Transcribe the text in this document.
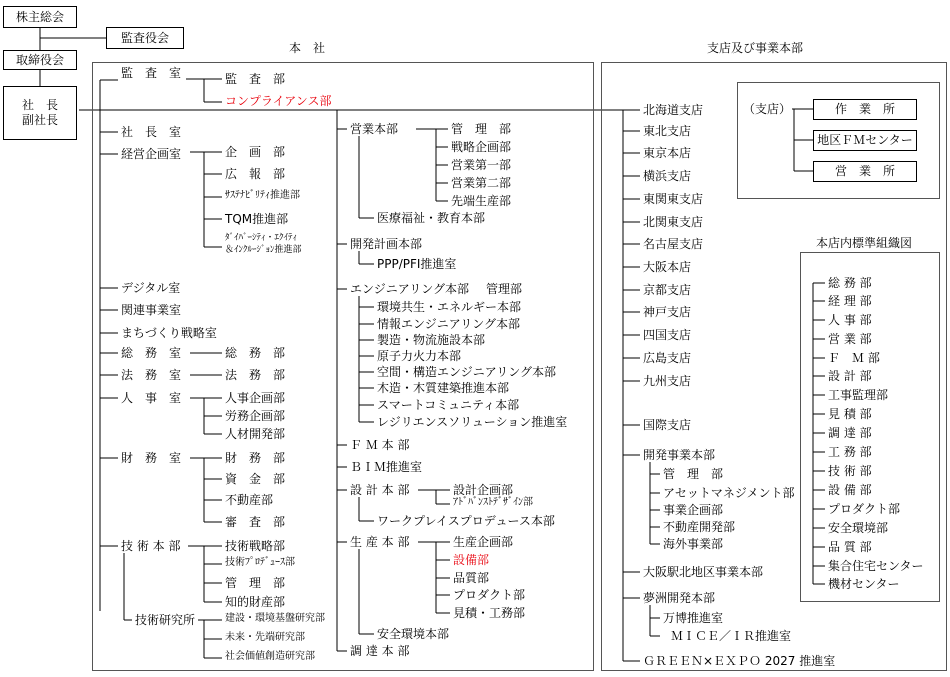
株主総会
監査役会
取締役会
社　長
副社長
本　社	支店及び事業本部
監　査　室	監　査　部
コンプライアンス部
社　長　室
経営企画室
デジタル室
関連事業室
まちづくり戦略室
総　務　室
法　務　室
人　事　室
財　務　室
技 術 本 部
企　画　部
広　報　部
ｻｽﾃﾅﾋﾞﾘﾃｨ推進部
TQM推進部
ﾀﾞｲﾊﾞｰｼﾃｨ・ｴｸｲﾃｨ
＆ｲﾝｸﾙｰｼﾞｮﾝ推進部
総　務　部
法　務　部
人事企画部
労務企画部
人材開発部
財　務　部
資　金　部
不動産部
審　査　部
技術戦略部
技術ﾌﾟﾛﾃﾞｭｰｽ部
管　理　部
知的財産部
技術研究所	建設・環境基盤研究部
未来・先端研究部
社会価値創造研究部
営業本部
開発計画本部
エンジニアリング本部
Ｆ Ｍ 本 部
ＢＩＭ推進室
設 計 本 部
生 産 本 部
調 達 本 部
管　理　部
戦略企画部
営業第一部
営業第二部
先端生産部
医療福祉・教育本部
PPP/PFI推進室
管理部
環境共生・エネルギー本部
情報エンジニアリング本部
製造・物流施設本部
原子力火力本部
空間・構造エンジニアリング本部
木造・木質建築推進本部
スマートコミュニティ本部
レジリエンスソリューション推進室
設計企画部
ｱﾄﾞﾊﾞﾝｽﾄﾃﾞｻﾞｲﾝ部
ワークプレイスプロデュース本部
生産企画部
設備部
品質部
プロダクト部
見積・工務部
安全環境本部
北海道支店
東北支店
東京本店
横浜支店
東関東支店
北関東支店
名古屋支店
大阪本店
京都支店
神戸支店
四国支店
広島支店
九州支店
国際支店
開発事業本部
管　理　部
アセットマネジメント部
事業企画部
不動産開発部
海外事業部
大阪駅北地区事業本部
夢洲開発本部
万博推進室
ＭＩＣＥ／ＩＲ推進室
ＧＲＥＥＮ×ＥＸＰＯ 2027 推進室
（支店）	作　業　所
地区ＦＭセンター
営　業　所
本店内標準組織図
総 務 部
経 理 部
人 事 部
営 業 部
Ｆ　Ｍ 部
設 計 部
工事監理部
見 積 部
調 達 部
工 務 部
技 術 部
設 備 部
プロダクト部
安全環境部
品 質 部
集合住宅センター
機材センター
